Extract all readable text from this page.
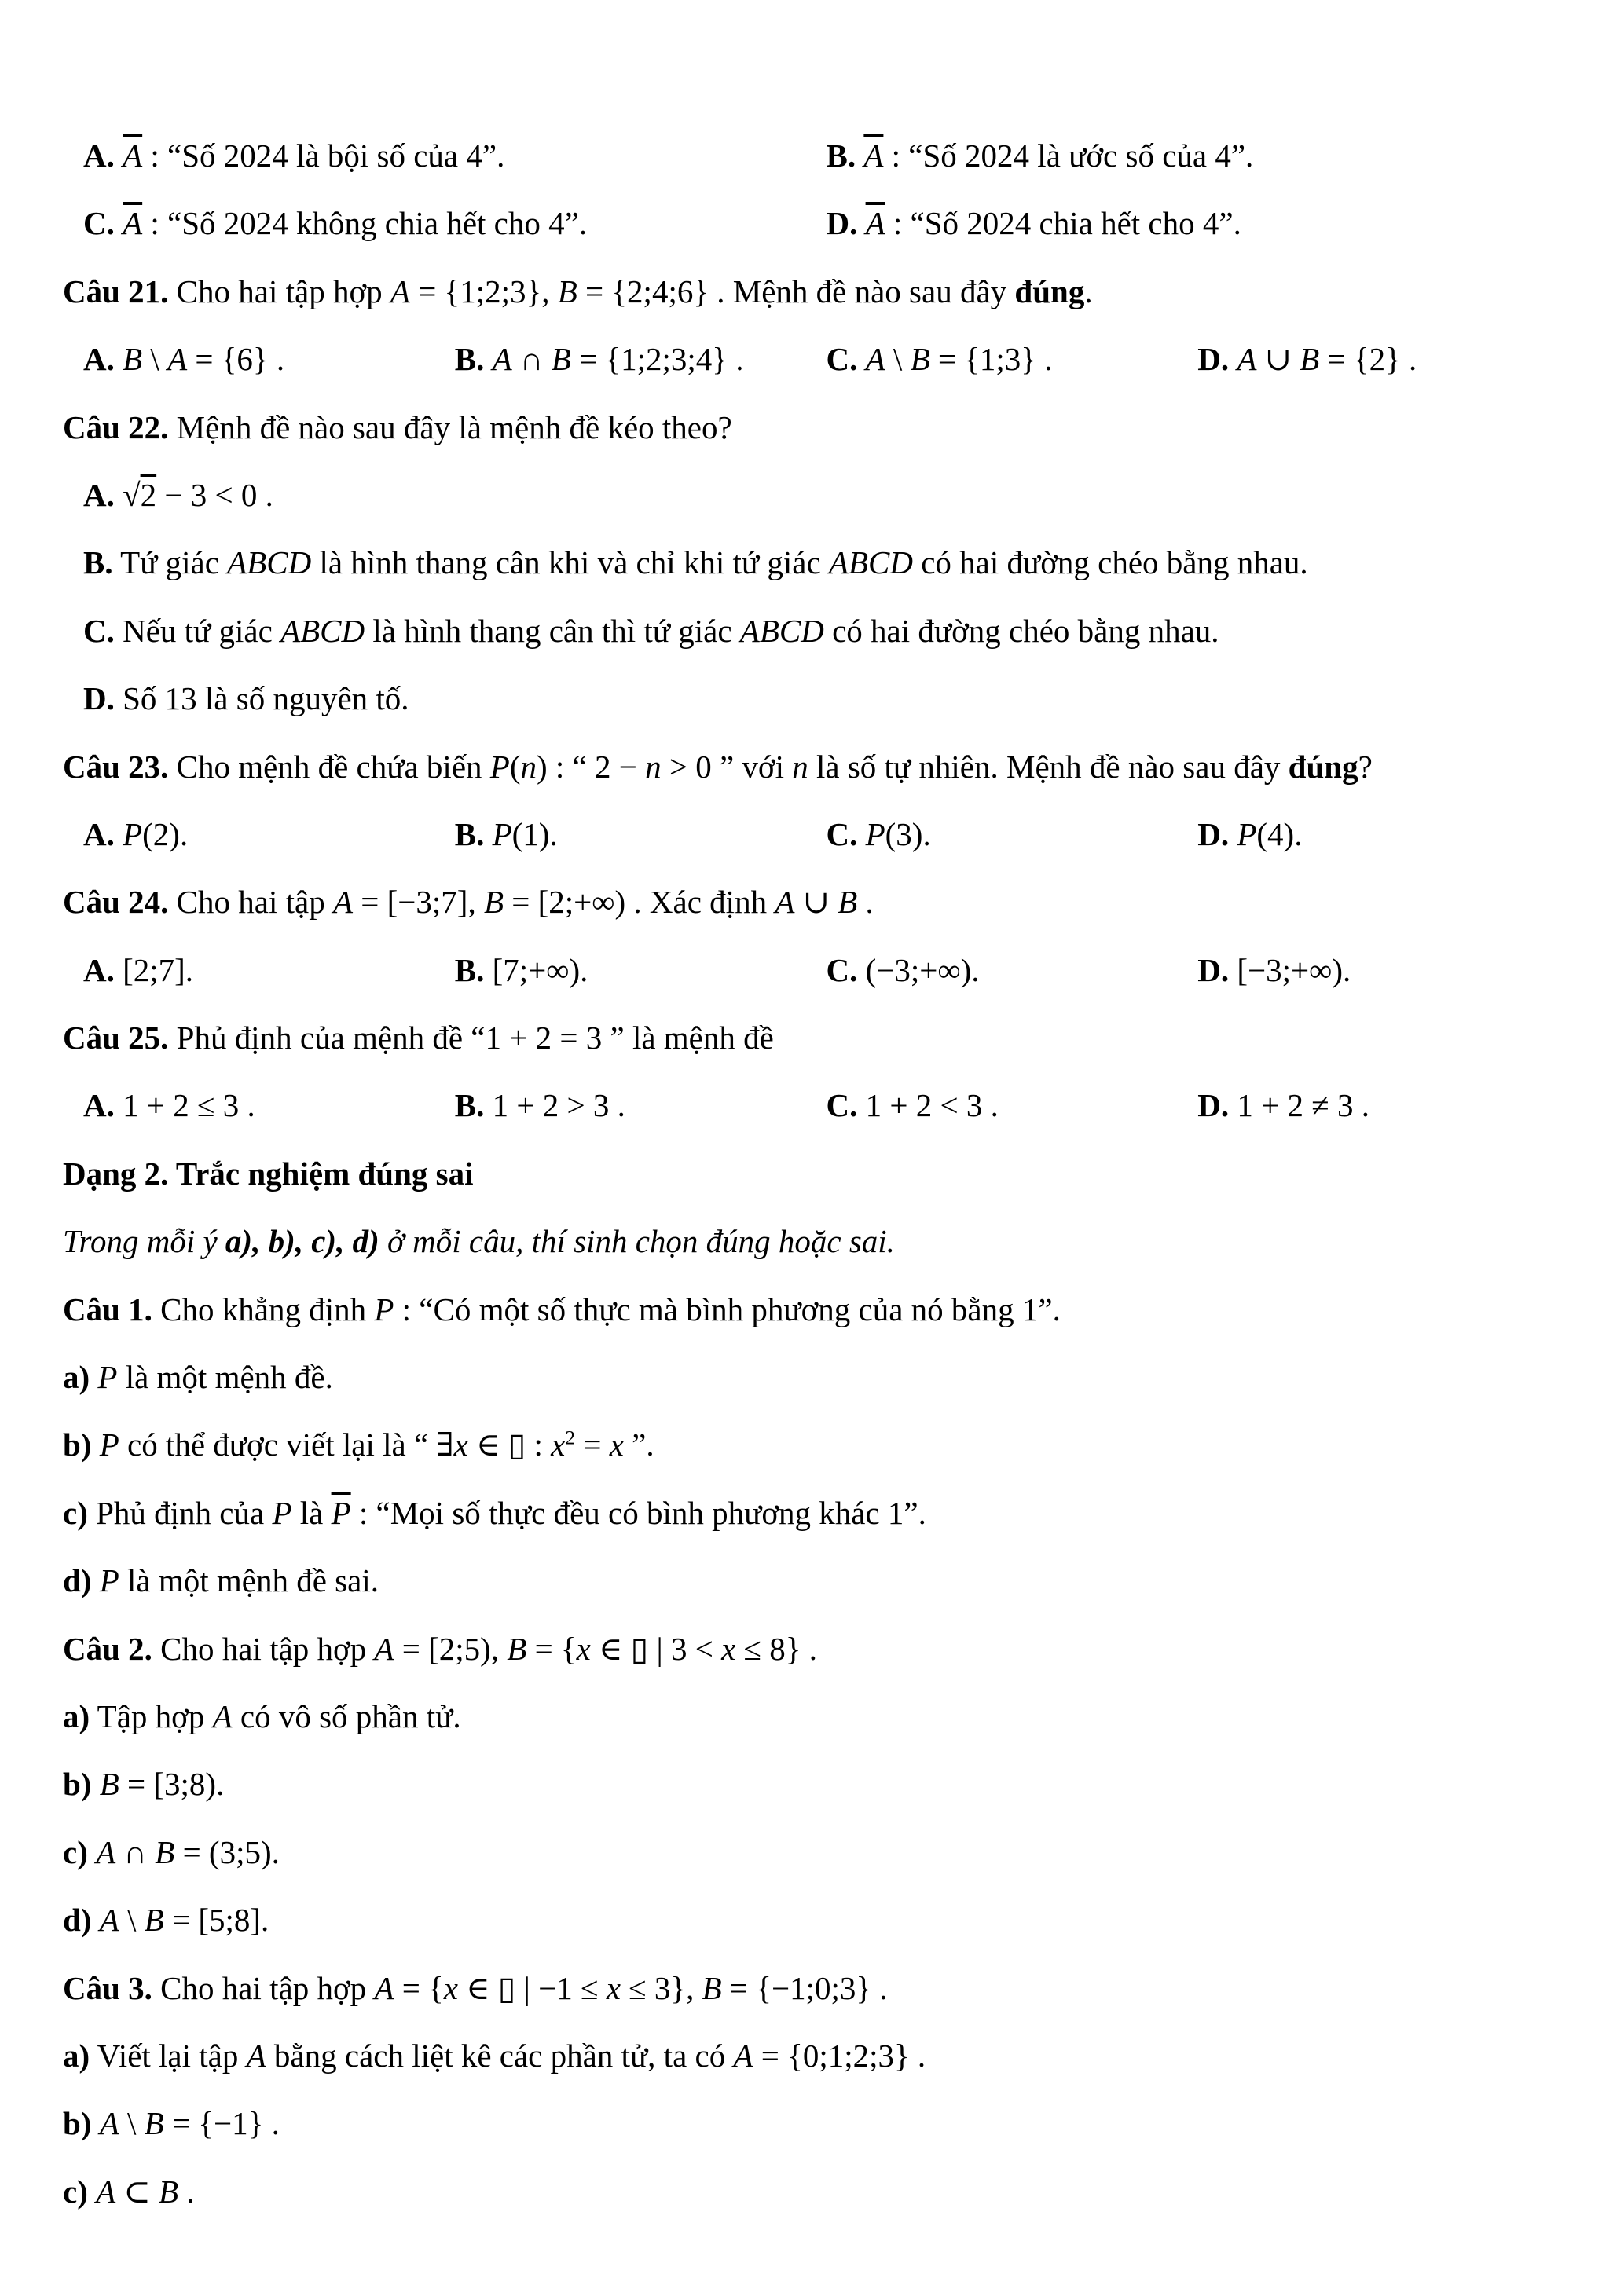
A. $\overline{A}$ : “Số 2024 là bội số của 4”.	B. $\overline{A}$ : “Số 2024 là ước số của 4”.
C. $\overline{A}$ : “Số 2024 không chia hết cho 4”.	D. $\overline{A}$ : “Số 2024 chia hết cho 4”.
Câu 21. Cho hai tập hợp A = {1;2;3}, B = {2;4;6} . Mệnh đề nào sau đây đúng.
A. B \ A = {6} .	B. A ∩ B = {1;2;3;4} .	C. A \ B = {1;3} .	D. A ∪ B = {2} .
Câu 22. Mệnh đề nào sau đây là mệnh đề kéo theo?
A. √2 − 3 < 0 .
B. Tứ giác ABCD là hình thang cân khi và chỉ khi tứ giác ABCD có hai đường chéo bằng nhau.
C. Nếu tứ giác ABCD là hình thang cân thì tứ giác ABCD có hai đường chéo bằng nhau.
D. Số 13 là số nguyên tố.
Câu 23. Cho mệnh đề chứa biến P(n) : “ 2 − n > 0 ” với n là số tự nhiên. Mệnh đề nào sau đây đúng?
A. P(2).	B. P(1).	C. P(3).	D. P(4).
Câu 24. Cho hai tập A = [−3;7], B = [2;+∞) . Xác định A ∪ B .
A. [2;7].	B. [7;+∞).	C. (−3;+∞).	D. [−3;+∞).
Câu 25. Phủ định của mệnh đề “1 + 2 = 3 ” là mệnh đề
A. 1 + 2 ≤ 3 .	B. 1 + 2 > 3 .	C. 1 + 2 < 3 .	D. 1 + 2 ≠ 3 .
Dạng 2. Trắc nghiệm đúng sai
Trong mỗi ý a), b), c), d) ở mỗi câu, thí sinh chọn đúng hoặc sai.
Câu 1. Cho khẳng định P : “Có một số thực mà bình phương của nó bằng 1”.
a) P là một mệnh đề.
b) P có thể được viết lại là “ ∃x ∈ ▯ : $x^2 = x$ ”.
c) Phủ định của P là $\overline{P}$ : “Mọi số thực đều có bình phương khác 1”.
d) P là một mệnh đề sai.
Câu 2. Cho hai tập hợp A = [2;5), B = {x ∈ ▯ | 3 < x ≤ 8} .
a) Tập hợp A có vô số phần tử.
b) B = [3;8).
c) A ∩ B = (3;5).
d) A \ B = [5;8].
Câu 3. Cho hai tập hợp A = {x ∈ ▯ | −1 ≤ x ≤ 3}, B = {−1;0;3} .
a) Viết lại tập A bằng cách liệt kê các phần tử, ta có A = {0;1;2;3} .
b) A \ B = {−1} .
c) A ⊂ B .
